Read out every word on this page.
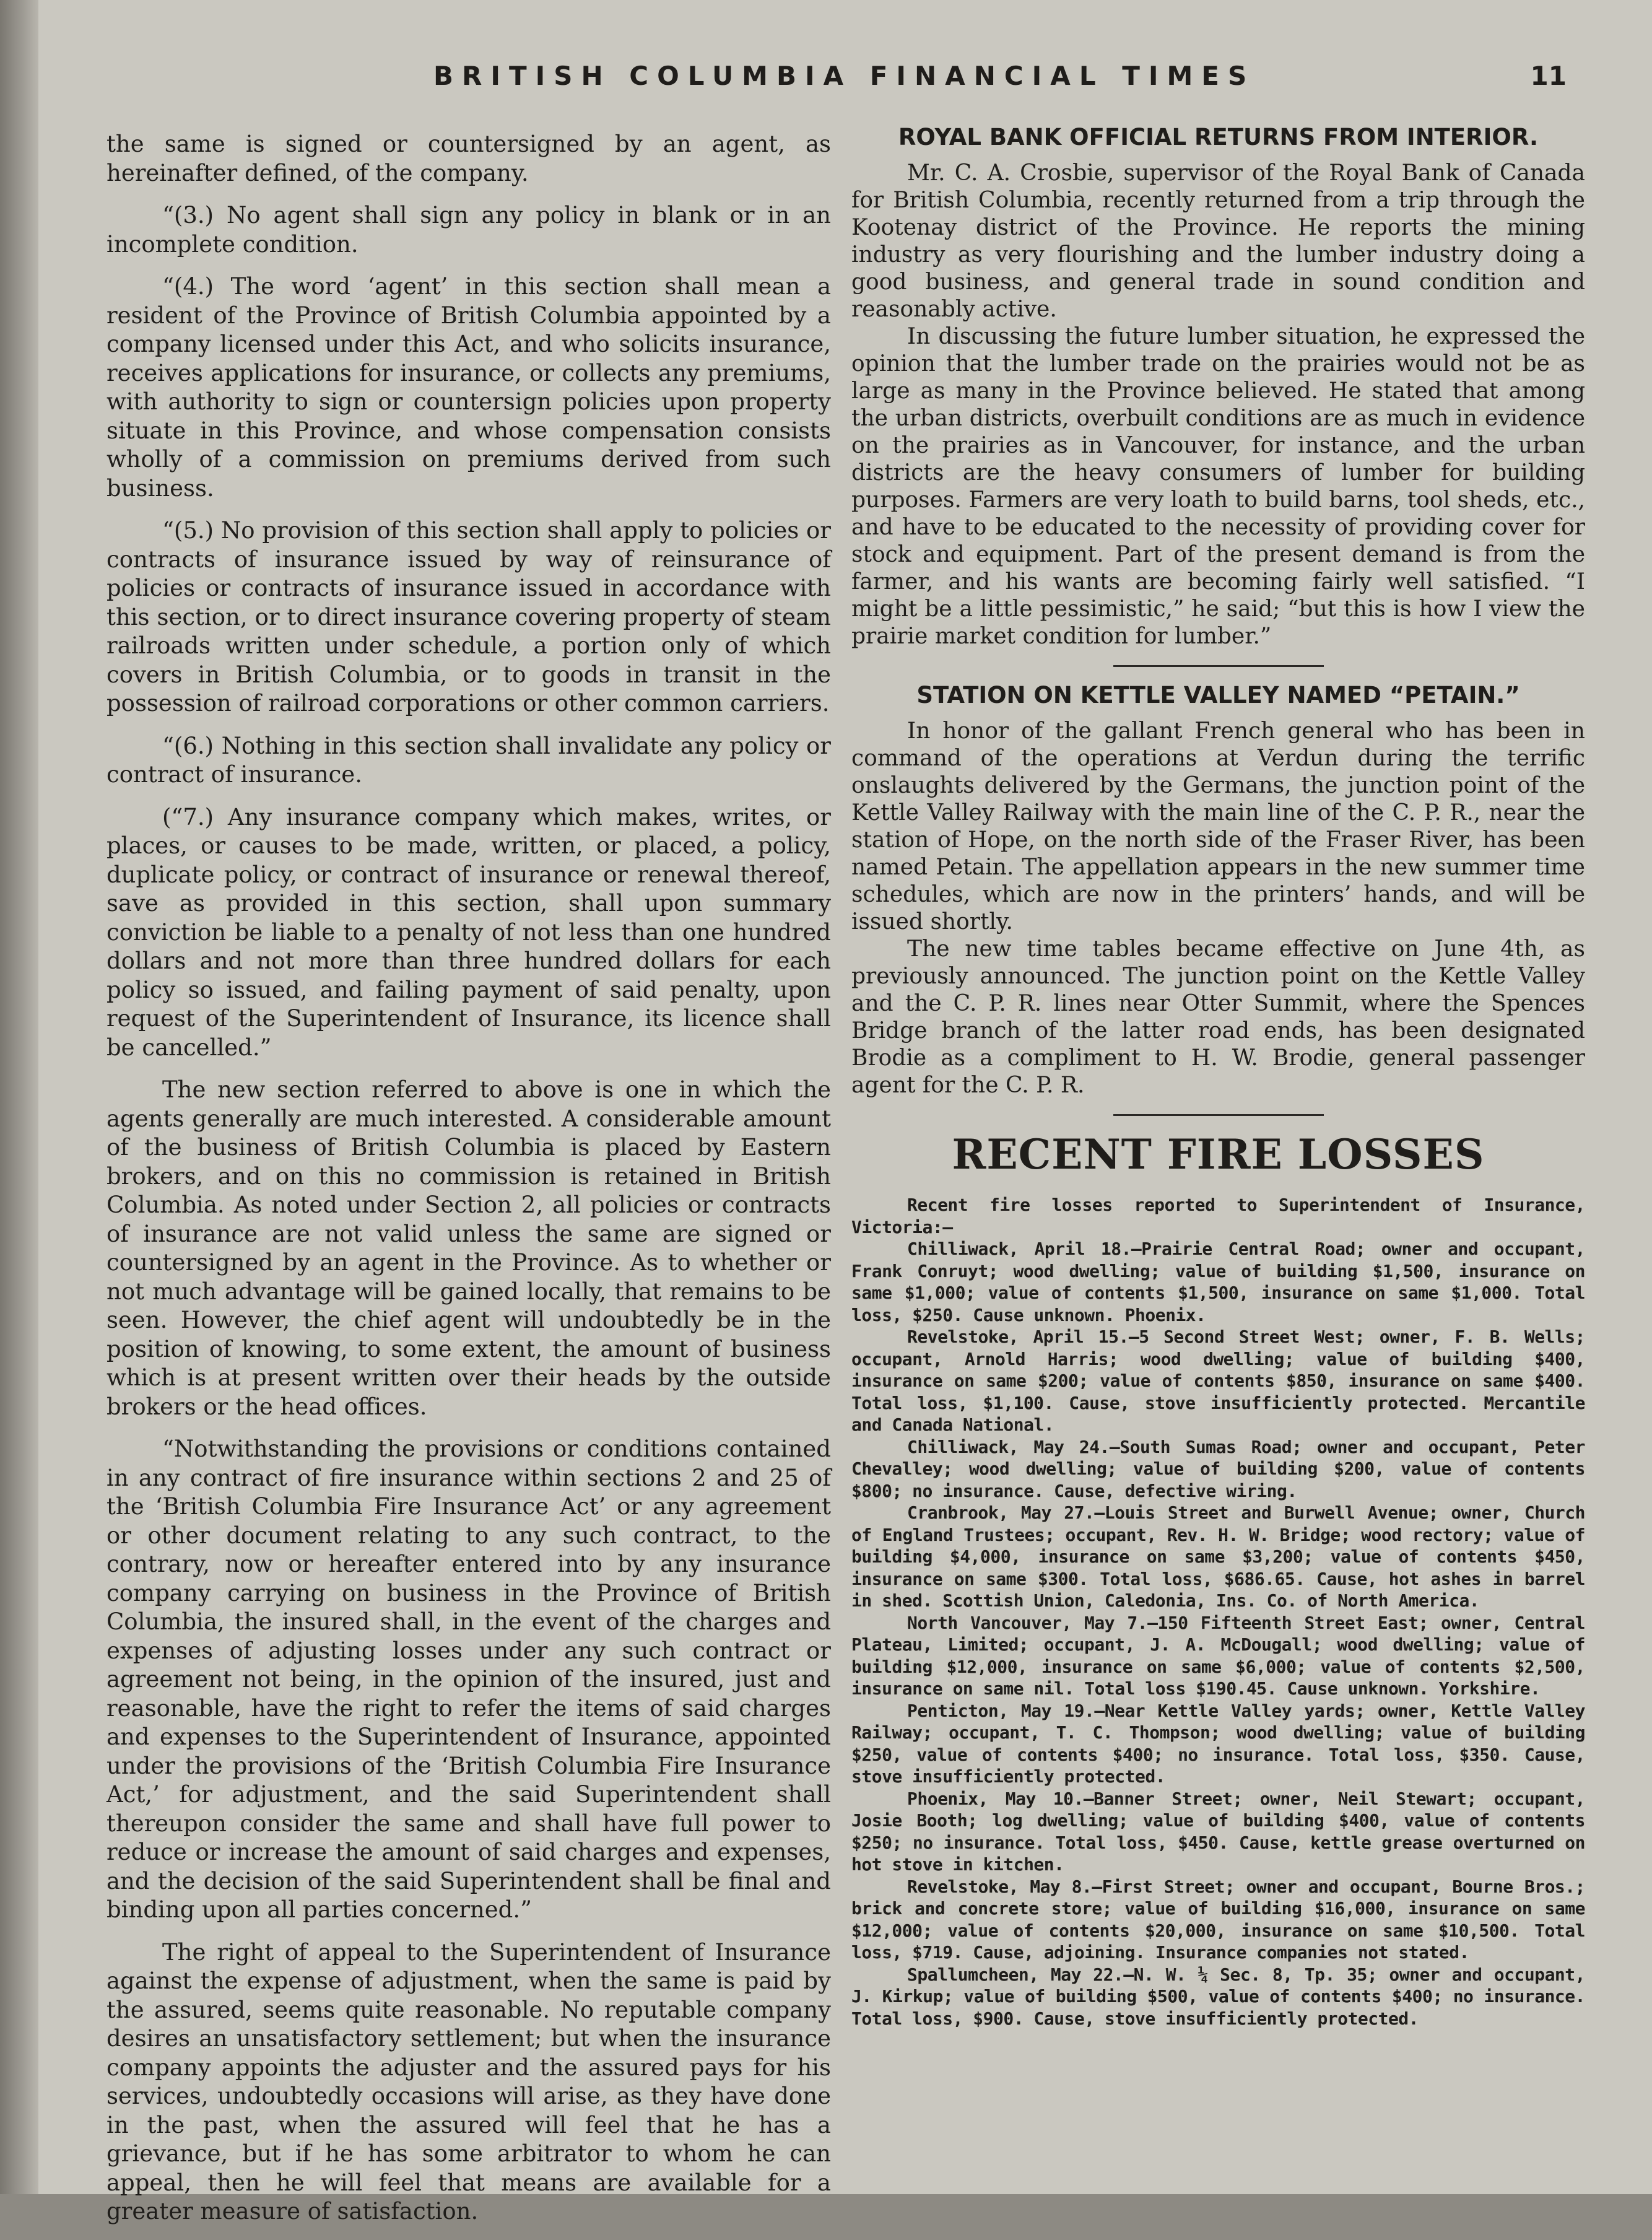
BRITISH COLUMBIA FINANCIAL TIMES	11

the same is signed or countersigned by an agent, as hereinafter defined, of the company.

“(3.) No agent shall sign any policy in blank or in an incomplete condition.

“(4.) The word ‘agent’ in this section shall mean a resident of the Province of British Columbia appointed by a company licensed under this Act, and who solicits insurance, receives applications for insurance, or collects any premiums, with authority to sign or countersign policies upon property situate in this Province, and whose compensation consists wholly of a commission on premiums derived from such business.

“(5.) No provision of this section shall apply to policies or contracts of insurance issued by way of reinsurance of policies or contracts of insurance issued in accordance with this section, or to direct insurance covering property of steam railroads written under schedule, a portion only of which covers in British Columbia, or to goods in transit in the possession of railroad corporations or other common carriers.

“(6.) Nothing in this section shall invalidate any policy or contract of insurance.

(“7.) Any insurance company which makes, writes, or places, or causes to be made, written, or placed, a policy, duplicate policy, or contract of insurance or renewal thereof, save as provided in this section, shall upon summary conviction be liable to a penalty of not less than one hundred dollars and not more than three hundred dollars for each policy so issued, and failing payment of said penalty, upon request of the Superintendent of Insurance, its licence shall be cancelled.”

The new section referred to above is one in which the agents generally are much interested. A considerable amount of the business of British Columbia is placed by Eastern brokers, and on this no commission is retained in British Columbia. As noted under Section 2, all policies or contracts of insurance are not valid unless the same are signed or countersigned by an agent in the Province. As to whether or not much advantage will be gained locally, that remains to be seen. However, the chief agent will undoubtedly be in the position of knowing, to some extent, the amount of business which is at present written over their heads by the outside brokers or the head offices.

“Notwithstanding the provisions or conditions contained in any contract of fire insurance within sections 2 and 25 of the ‘British Columbia Fire Insurance Act’ or any agreement or other document relating to any such contract, to the contrary, now or hereafter entered into by any insurance company carrying on business in the Province of British Columbia, the insured shall, in the event of the charges and expenses of adjusting losses under any such contract or agreement not being, in the opinion of the insured, just and reasonable, have the right to refer the items of said charges and expenses to the Superintendent of Insurance, appointed under the provisions of the ‘British Columbia Fire Insurance Act,’ for adjustment, and the said Superintendent shall thereupon consider the same and shall have full power to reduce or increase the amount of said charges and expenses, and the decision of the said Superintendent shall be final and binding upon all parties concerned.”

The right of appeal to the Superintendent of Insurance against the expense of adjustment, when the same is paid by the assured, seems quite reasonable. No reputable company desires an unsatisfactory settlement; but when the insurance company appoints the adjuster and the assured pays for his services, undoubtedly occasions will arise, as they have done in the past, when the assured will feel that he has a grievance, but if he has some arbitrator to whom he can appeal, then he will feel that means are available for a greater measure of satisfaction.

ROYAL BANK OFFICIAL RETURNS FROM INTERIOR.

Mr. C. A. Crosbie, supervisor of the Royal Bank of Canada for British Columbia, recently returned from a trip through the Kootenay district of the Province. He reports the mining industry as very flourishing and the lumber industry doing a good business, and general trade in sound condition and reasonably active.

In discussing the future lumber situation, he expressed the opinion that the lumber trade on the prairies would not be as large as many in the Province believed. He stated that among the urban districts, overbuilt conditions are as much in evidence on the prairies as in Vancouver, for instance, and the urban districts are the heavy consumers of lumber for building purposes. Farmers are very loath to build barns, tool sheds, etc., and have to be educated to the necessity of providing cover for stock and equipment. Part of the present demand is from the farmer, and his wants are becoming fairly well satisfied. “I might be a little pessimistic,” he said; “but this is how I view the prairie market condition for lumber.”

STATION ON KETTLE VALLEY NAMED “PETAIN.”

In honor of the gallant French general who has been in command of the operations at Verdun during the terrific onslaughts delivered by the Germans, the junction point of the Kettle Valley Railway with the main line of the C. P. R., near the station of Hope, on the north side of the Fraser River, has been named Petain. The appellation appears in the new summer time schedules, which are now in the printers’ hands, and will be issued shortly.

The new time tables became effective on June 4th, as previously announced. The junction point on the Kettle Valley and the C. P. R. lines near Otter Summit, where the Spences Bridge branch of the latter road ends, has been designated Brodie as a compliment to H. W. Brodie, general passenger agent for the C. P. R.

RECENT FIRE LOSSES

Recent fire losses reported to Superintendent of Insurance, Victoria:—

Chilliwack, April 18.—Prairie Central Road; owner and occupant, Frank Conruyt; wood dwelling; value of building $1,500, insurance on same $1,000; value of contents $1,500, insurance on same $1,000. Total loss, $250. Cause unknown. Phoenix.

Revelstoke, April 15.—5 Second Street West; owner, F. B. Wells; occupant, Arnold Harris; wood dwelling; value of building $400, insurance on same $200; value of contents $850, insurance on same $400. Total loss, $1,100. Cause, stove insufficiently protected. Mercantile and Canada National.

Chilliwack, May 24.—South Sumas Road; owner and occupant, Peter Chevalley; wood dwelling; value of building $200, value of contents $800; no insurance. Cause, defective wiring.

Cranbrook, May 27.—Louis Street and Burwell Avenue; owner, Church of England Trustees; occupant, Rev. H. W. Bridge; wood rectory; value of building $4,000, insurance on same $3,200; value of contents $450, insurance on same $300. Total loss, $686.65. Cause, hot ashes in barrel in shed. Scottish Union, Caledonia, Ins. Co. of North America.

North Vancouver, May 7.—150 Fifteenth Street East; owner, Central Plateau, Limited; occupant, J. A. McDougall; wood dwelling; value of building $12,000, insurance on same $6,000; value of contents $2,500, insurance on same nil. Total loss $190.45. Cause unknown. Yorkshire.

Penticton, May 19.—Near Kettle Valley yards; owner, Kettle Valley Railway; occupant, T. C. Thompson; wood dwelling; value of building $250, value of contents $400; no insurance. Total loss, $350. Cause, stove insufficiently protected.

Phoenix, May 10.—Banner Street; owner, Neil Stewart; occupant, Josie Booth; log dwelling; value of building $400, value of contents $250; no insurance. Total loss, $450. Cause, kettle grease overturned on hot stove in kitchen.

Revelstoke, May 8.—First Street; owner and occupant, Bourne Bros.; brick and concrete store; value of building $16,000, insurance on same $12,000; value of contents $20,000, insurance on same $10,500. Total loss, $719. Cause, adjoining. Insurance companies not stated.

Spallumcheen, May 22.—N. W. ¼ Sec. 8, Tp. 35; owner and occupant, J. Kirkup; value of building $500, value of contents $400; no insurance. Total loss, $900. Cause, stove insufficiently protected.
